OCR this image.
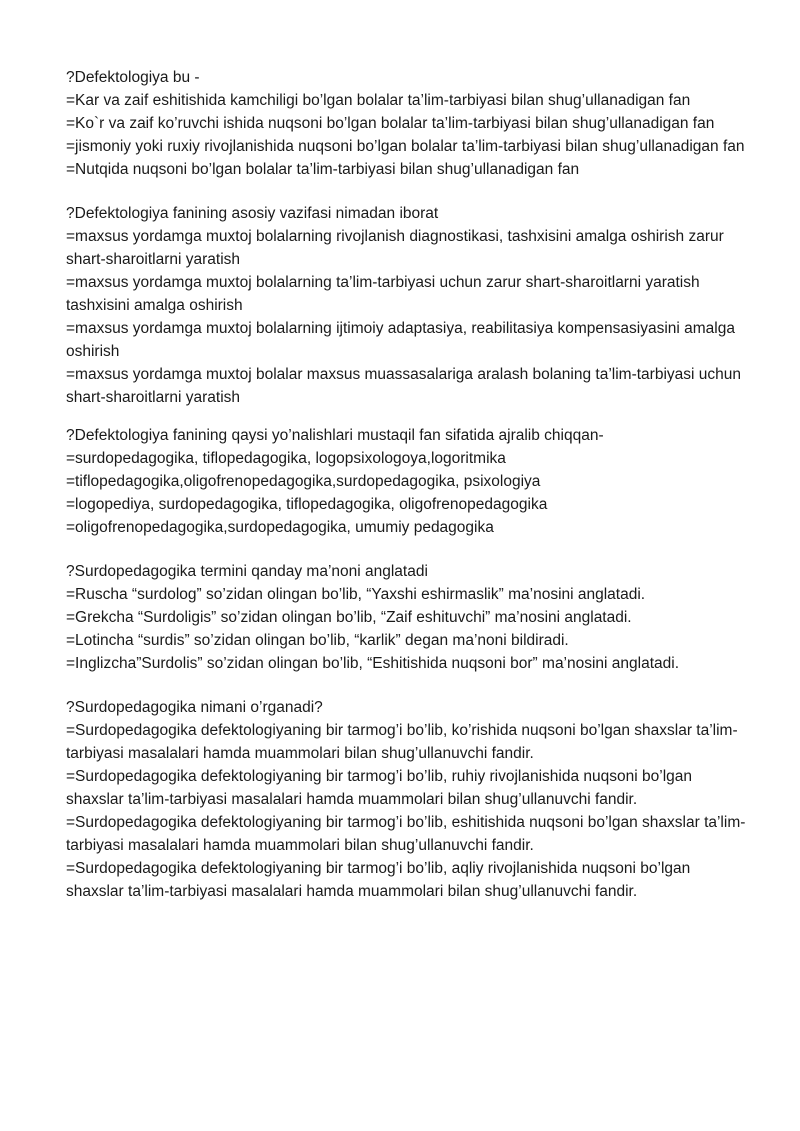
?Defektologiya bu -

=Kar va zaif eshitishida kamchiligi bo’lgan bolalar ta’lim-tarbiyasi bilan shug’ullanadigan fan

=Ko`r va zaif ko’ruvchi ishida nuqsoni bo’lgan bolalar ta’lim-tarbiyasi bilan shug’ullanadigan fan

=jismoniy yoki ruxiy rivojlanishida nuqsoni bo’lgan bolalar ta’lim-tarbiyasi bilan shug’ullanadigan fan

=Nutqida nuqsoni bo’lgan bolalar ta’lim-tarbiyasi bilan shug’ullanadigan fan

?Defektologiya fanining asosiy vazifasi nimadan iborat

=maxsus yordamga muxtoj bolalarning rivojlanish diagnostikasi, tashxisini amalga oshirish zarur shart-sharoitlarni yaratish

=maxsus yordamga muxtoj bolalarning ta’lim-tarbiyasi uchun zarur shart-sharoitlarni yaratish tashxisini amalga oshirish

=maxsus yordamga muxtoj bolalarning ijtimoiy adaptasiya, reabilitasiya kompensasiyasini amalga oshirish

=maxsus yordamga muxtoj bolalar maxsus muassasalariga aralash bolaning ta’lim-tarbiyasi uchun shart-sharoitlarni yaratish

?Defektologiya fanining qaysi yo’nalishlari mustaqil fan sifatida ajralib chiqqan-

=surdopedagogika, tiflopedagogika, logopsixologoya,logoritmika

=tiflopedagogika,oligofrenopedagogika,surdopedagogika, psixologiya

=logopediya, surdopedagogika, tiflopedagogika, oligofrenopedagogika

=oligofrenopedagogika,surdopedagogika, umumiy pedagogika

?Surdopedagogika termini qanday ma’noni anglatadi

=Ruscha “surdolog” so’zidan olingan bo’lib, “Yaxshi eshirmaslik” ma’nosini anglatadi.

=Grekcha “Surdoligis” so’zidan olingan bo’lib, “Zaif eshituvchi” ma’nosini anglatadi.

=Lotincha “surdis” so’zidan olingan bo’lib, “karlik” degan ma’noni bildiradi.

=Inglizcha”Surdolis” so’zidan olingan bo’lib, “Eshitishida nuqsoni bor” ma’nosini anglatadi.

?Surdopedagogika nimani o’rganadi?

=Surdopedagogika defektologiyaning bir tarmog’i bo’lib, ko’rishida nuqsoni bo’lgan shaxslar ta’lim-tarbiyasi masalalari hamda muammolari bilan shug’ullanuvchi fandir.

=Surdopedagogika defektologiyaning bir tarmog’i bo’lib, ruhiy rivojlanishida nuqsoni bo’lgan shaxslar ta’lim-tarbiyasi masalalari hamda muammolari bilan shug’ullanuvchi fandir.

=Surdopedagogika defektologiyaning bir tarmog’i bo’lib, eshitishida nuqsoni bo’lgan shaxslar ta’lim-tarbiyasi masalalari hamda muammolari bilan shug’ullanuvchi fandir.

=Surdopedagogika defektologiyaning bir tarmog’i bo’lib, aqliy rivojlanishida nuqsoni bo’lgan shaxslar ta’lim-tarbiyasi masalalari hamda muammolari bilan shug’ullanuvchi fandir.
